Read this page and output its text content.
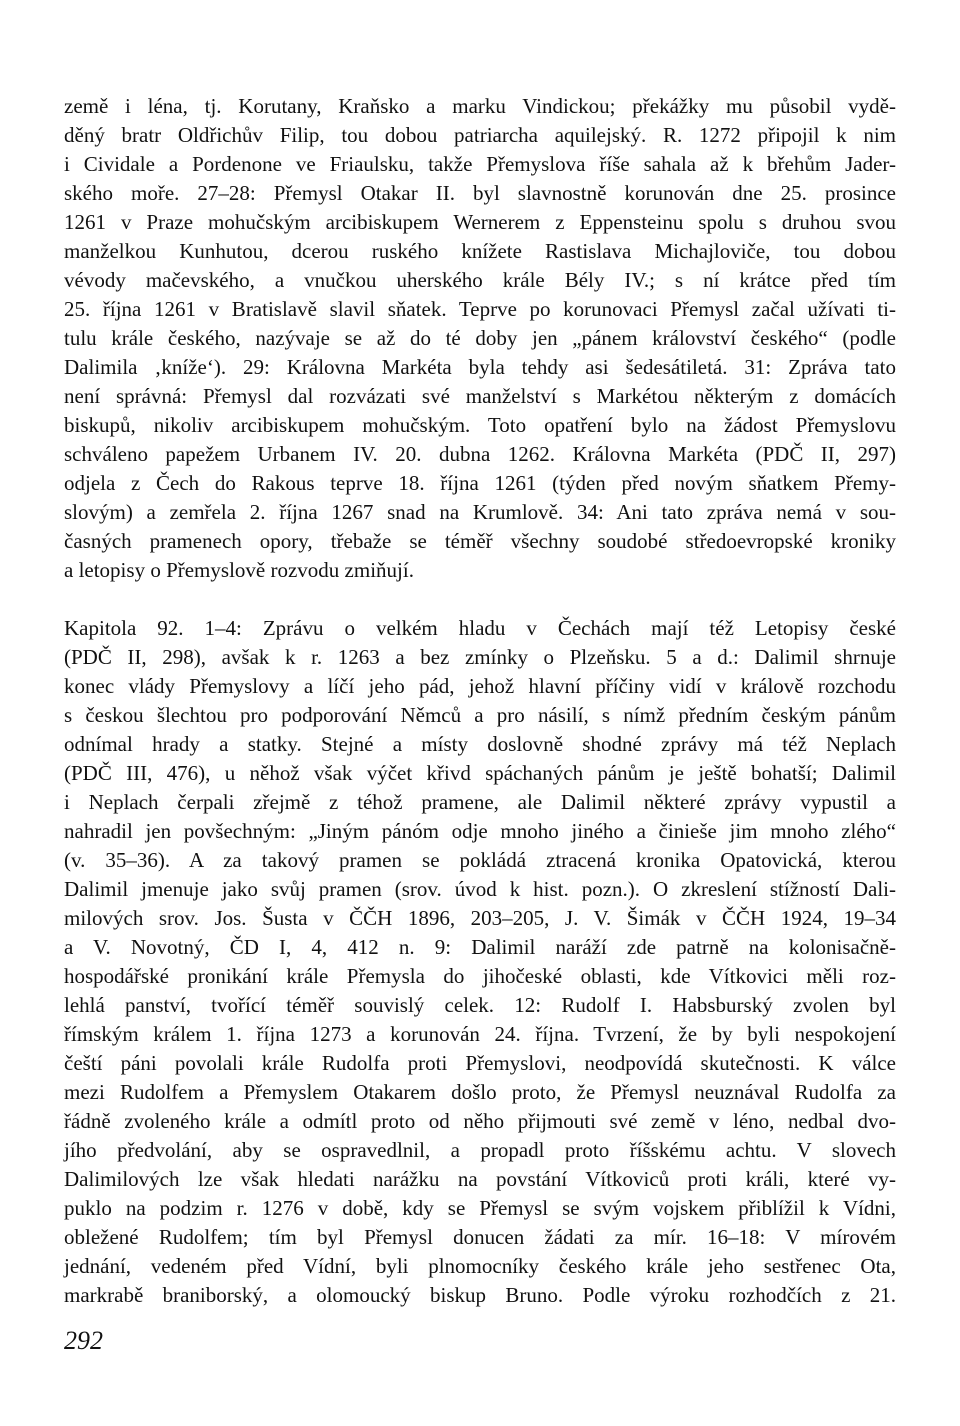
země i léna, tj. Korutany, Kraňsko a marku Vindickou; překážky mu působil vydě-
děný bratr Oldřichův Filip, tou dobou patriarcha aquilejský. R. 1272 připojil k nim
i Cividale a Pordenone ve Friaulsku, takže Přemyslova říše sahala až k břehům Jader-
ského moře. 27–28: Přemysl Otakar II. byl slavnostně korunován dne 25. prosince
1261 v Praze mohučským arcibiskupem Wernerem z Eppensteinu spolu s druhou svou
manželkou Kunhutou, dcerou ruského knížete Rastislava Michajloviče, tou dobou
vévody mačevského, a vnučkou uherského krále Bély IV.; s ní krátce před tím
25. října 1261 v Bratislavě slavil sňatek. Teprve po korunovaci Přemysl začal užívati ti-
tulu krále českého, nazývaje se až do té doby jen „pánem království českého“ (podle
Dalimila ‚kníže‘). 29: Královna Markéta byla tehdy asi šedesátiletá. 31: Zpráva tato
není správná: Přemysl dal rozvázati své manželství s Markétou některým z domácích
biskupů, nikoliv arcibiskupem mohučským. Toto opatření bylo na žádost Přemyslovu
schváleno papežem Urbanem IV. 20. dubna 1262. Královna Markéta (PDČ II, 297)
odjela z Čech do Rakous teprve 18. října 1261 (týden před novým sňatkem Přemy-
slovým) a zemřela 2. října 1267 snad na Krumlově. 34: Ani tato zpráva nemá v sou-
časných pramenech opory, třebaže se téměř všechny soudobé středoevropské kroniky
a letopisy o Přemyslově rozvodu zmiňují.
Kapitola 92. 1–4: Zprávu o velkém hladu v Čechách mají též Letopisy české
(PDČ II, 298), avšak k r. 1263 a bez zmínky o Plzeňsku. 5 a d.: Dalimil shrnuje
konec vlády Přemyslovy a líčí jeho pád, jehož hlavní příčiny vidí v králově rozchodu
s českou šlechtou pro podporování Němců a pro násilí, s nímž předním českým pánům
odnímal hrady a statky. Stejné a místy doslovně shodné zprávy má též Neplach
(PDČ III, 476), u něhož však výčet křivd spáchaných pánům je ještě bohatší; Dalimil
i Neplach čerpali zřejmě z téhož pramene, ale Dalimil některé zprávy vypustil a
nahradil jen povšechným: „Jiným pánóm odje mnoho jiného a činieše jim mnoho zlého“
(v. 35–36). A za takový pramen se pokládá ztracená kronika Opatovická, kterou
Dalimil jmenuje jako svůj pramen (srov. úvod k hist. pozn.). O zkreslení stížností Dali-
milových srov. Jos. Šusta v ČČH 1896, 203–205, J. V. Šimák v ČČH 1924, 19–34
a V. Novotný, ČD I, 4, 412 n. 9: Dalimil naráží zde patrně na kolonisačně-
hospodářské pronikání krále Přemysla do jihočeské oblasti, kde Vítkovici měli roz-
lehlá panství, tvořící téměř souvislý celek. 12: Rudolf I. Habsburský zvolen byl
římským králem 1. října 1273 a korunován 24. října. Tvrzení, že by byli nespokojení
čeští páni povolali krále Rudolfa proti Přemyslovi, neodpovídá skutečnosti. K válce
mezi Rudolfem a Přemyslem Otakarem došlo proto, že Přemysl neuznával Rudolfa za
řádně zvoleného krále a odmítl proto od něho přijmouti své země v léno, nedbal dvo-
jího předvolání, aby se ospravedlnil, a propadl proto říšskému achtu. V slovech
Dalimilových lze však hledati narážku na povstání Vítkoviců proti králi, které vy-
puklo na podzim r. 1276 v době, kdy se Přemysl se svým vojskem přiblížil k Vídni,
obležené Rudolfem; tím byl Přemysl donucen žádati za mír. 16–18: V mírovém
jednání, vedeném před Vídní, byli plnomocníky českého krále jeho sestřenec Ota,
markrabě braniborský, a olomoucký biskup Bruno. Podle výroku rozhodčích z 21.
292
